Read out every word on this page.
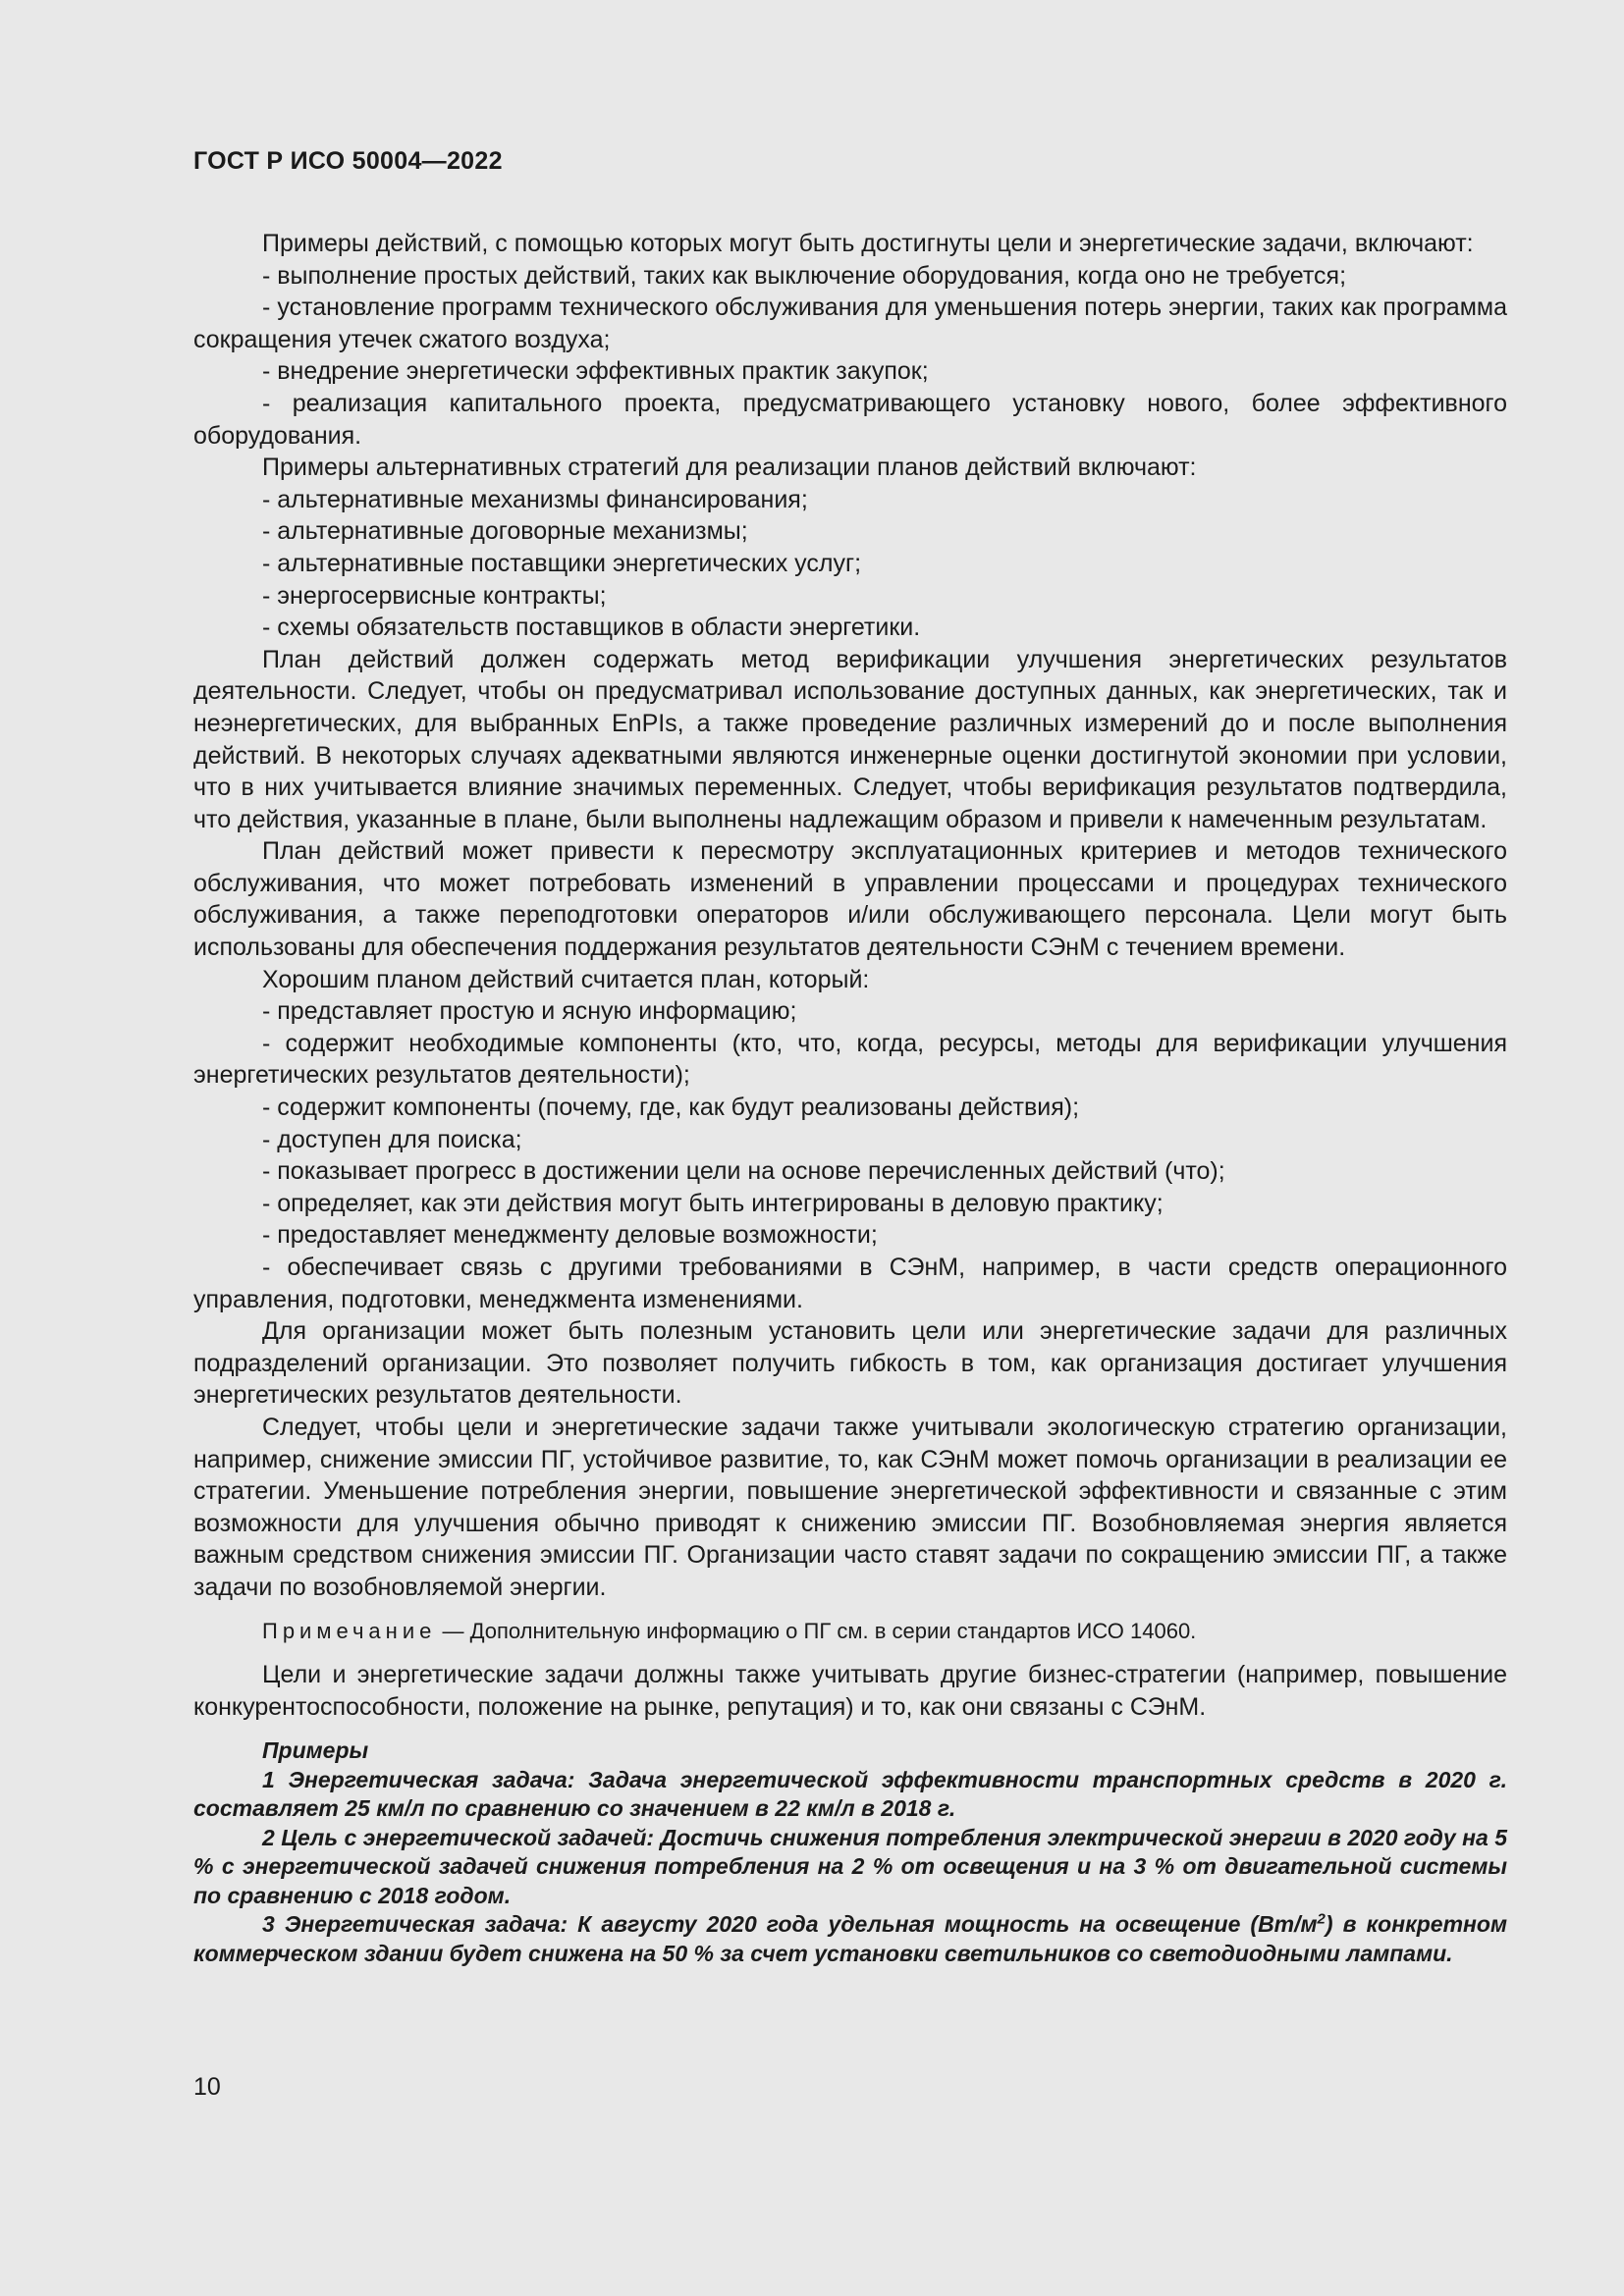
ГОСТ Р ИСО 50004—2022

Примеры действий, с помощью которых могут быть достигнуты цели и энергетические задачи, включают:

- выполнение простых действий, таких как выключение оборудования, когда оно не требуется;

- установление программ технического обслуживания для уменьшения потерь энергии, таких как программа сокращения утечек сжатого воздуха;

- внедрение энергетически эффективных практик закупок;

- реализация капитального проекта, предусматривающего установку нового, более эффективного оборудования.

Примеры альтернативных стратегий для реализации планов действий включают:

- альтернативные механизмы финансирования;

- альтернативные договорные механизмы;

- альтернативные поставщики энергетических услуг;

- энергосервисные контракты;

- схемы обязательств поставщиков в области энергетики.

План действий должен содержать метод верификации улучшения энергетических результатов деятельности. Следует, чтобы он предусматривал использование доступных данных, как энергетических, так и неэнергетических, для выбранных EnPIs, а также проведение различных измерений до и после выполнения действий. В некоторых случаях адекватными являются инженерные оценки достигнутой экономии при условии, что в них учитывается влияние значимых переменных. Следует, чтобы верификация результатов подтвердила, что действия, указанные в плане, были выполнены надлежащим образом и привели к намеченным результатам.

План действий может привести к пересмотру эксплуатационных критериев и методов технического обслуживания, что может потребовать изменений в управлении процессами и процедурах технического обслуживания, а также переподготовки операторов и/или обслуживающего персонала. Цели могут быть использованы для обеспечения поддержания результатов деятельности СЭнМ с течением времени.

Хорошим планом действий считается план, который:

- представляет простую и ясную информацию;

- содержит необходимые компоненты (кто, что, когда, ресурсы, методы для верификации улучшения энергетических результатов деятельности);

- содержит компоненты (почему, где, как будут реализованы действия);

- доступен для поиска;

- показывает прогресс в достижении цели на основе перечисленных действий (что);

- определяет, как эти действия могут быть интегрированы в деловую практику;

- предоставляет менеджменту деловые возможности;

- обеспечивает связь с другими требованиями в СЭнМ, например, в части средств операционного управления, подготовки, менеджмента изменениями.

Для организации может быть полезным установить цели или энергетические задачи для различных подразделений организации. Это позволяет получить гибкость в том, как организация достигает улучшения энергетических результатов деятельности.

Следует, чтобы цели и энергетические задачи также учитывали экологическую стратегию организации, например, снижение эмиссии ПГ, устойчивое развитие, то, как СЭнМ может помочь организации в реализации ее стратегии. Уменьшение потребления энергии, повышение энергетической эффективности и связанные с этим возможности для улучшения обычно приводят к снижению эмиссии ПГ. Возобновляемая энергия является важным средством снижения эмиссии ПГ. Организации часто ставят задачи по сокращению эмиссии ПГ, а также задачи по возобновляемой энергии.

Примечание — Дополнительную информацию о ПГ см. в серии стандартов ИСО 14060.

Цели и энергетические задачи должны также учитывать другие бизнес-стратегии (например, повышение конкурентоспособности, положение на рынке, репутация) и то, как они связаны с СЭнМ.

Примеры

1 Энергетическая задача: Задача энергетической эффективности транспортных средств в 2020 г. составляет 25 км/л по сравнению со значением в 22 км/л в 2018 г.

2 Цель с энергетической задачей: Достичь снижения потребления электрической энергии в 2020 году на 5 % с энергетической задачей снижения потребления на 2 % от освещения и на 3 % от двигательной системы по сравнению с 2018 годом.

3 Энергетическая задача: К августу 2020 года удельная мощность на освещение $(Вт/м^2)$ в конкретном коммерческом здании будет снижена на 50 % за счет установки светильников со светодиодными лампами.

10
